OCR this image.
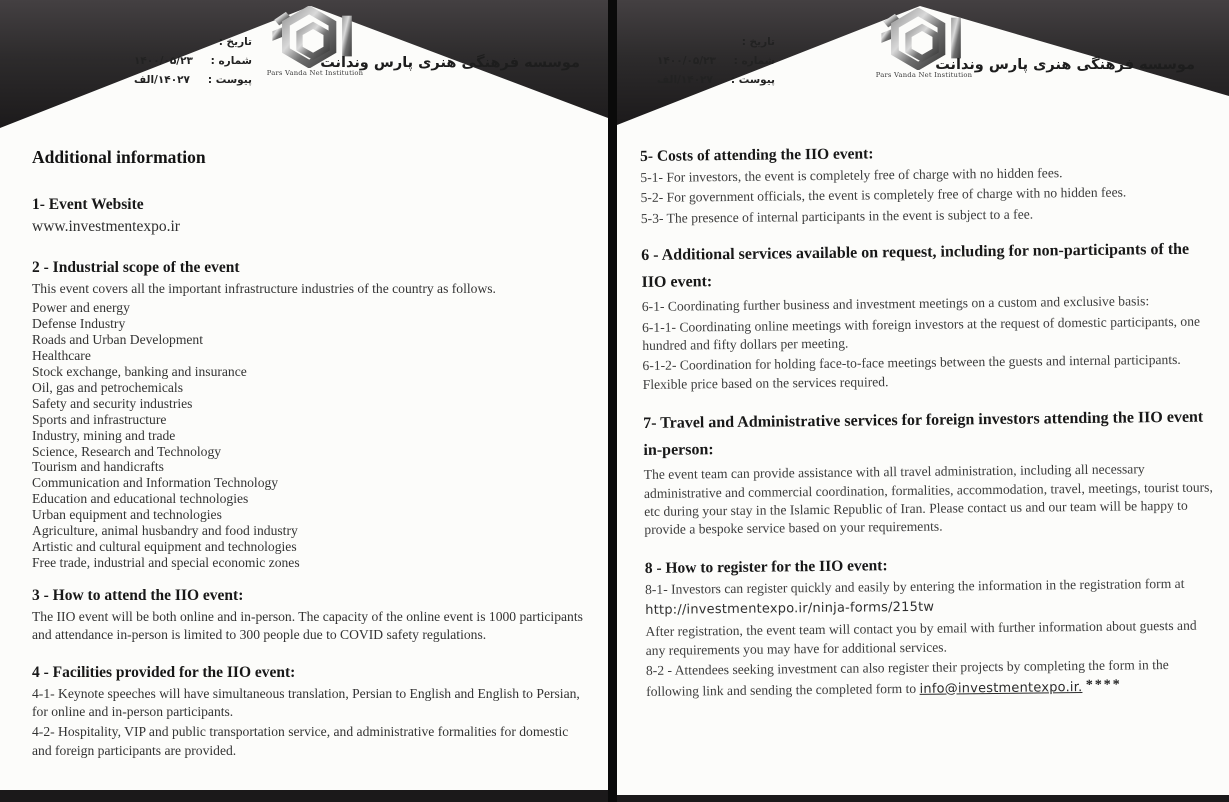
Pars Vanda Net Institution
تاریخ :
شماره :
۱۴۰۰/۰۵/۲۳
پیوست :
۱۴۰۲۷/الف
موسسه فرهنگی هنری پارس وندانت
Additional information
1- Event Website
www.investmentexpo.ir
2 - Industrial scope of the event
This event covers all the important infrastructure industries of the country as follows.
Power and energy
Defense Industry
Roads and Urban Development
Healthcare
Stock exchange, banking and insurance
Oil, gas and petrochemicals
Safety and security industries
Sports and infrastructure
Industry, mining and trade
Science, Research and Technology
Tourism and handicrafts
Communication and Information Technology
Education and educational technologies
Urban equipment and technologies
Agriculture, animal husbandry and food industry
Artistic and cultural equipment and technologies
Free trade, industrial and special economic zones
3 - How to attend the IIO event:
The IIO event will be both online and in-person. The capacity of the online event is 1000 participants and attendance in-person is limited to 300 people due to COVID safety regulations.
4 - Facilities provided for the IIO event:
4-1- Keynote speeches will have simultaneous translation, Persian to English and English to Persian, for online and in-person participants.
4-2- Hospitality, VIP and public transportation service, and administrative formalities for domestic and foreign participants are provided.
Pars Vanda Net Institution
تاریخ :
شماره :
۱۴۰۰/۰۵/۲۳
پیوست :
۱۴۰۲۷/الف
موسسه فرهنگی هنری پارس وندانت
5- Costs of attending the IIO event:
5-1- For investors, the event is completely free of charge with no hidden fees.
5-2- For government officials, the event is completely free of charge with no hidden fees.
5-3- The presence of internal participants in the event is subject to a fee.
6 - Additional services available on request, including for non-participants of the IIO event:
6-1- Coordinating further business and investment meetings on a custom and exclusive basis:
6-1-1- Coordinating online meetings with foreign investors at the request of domestic participants, one hundred and fifty dollars per meeting.
6-1-2- Coordination for holding face-to-face meetings between the guests and internal participants. Flexible price based on the services required.
7- Travel and Administrative services for foreign investors attending the IIO event in-person:
The event team can provide assistance with all travel administration, including all necessary administrative and commercial coordination, formalities, accommodation, travel, meetings, tourist tours, etc during your stay in the Islamic Republic of Iran. Please contact us and our team will be happy to provide a bespoke service based on your requirements.
8 - How to register for the IIO event:
8-1- Investors can register quickly and easily by entering the information in the registration form at
http://investmentexpo.ir/ninja-forms/215tw
After registration, the event team will contact you by email with further information about guests and any requirements you may have for additional services.
8-2 - Attendees seeking investment can also register their projects by completing the form in the
following link and sending the completed form to info@investmentexpo.ir. ****
